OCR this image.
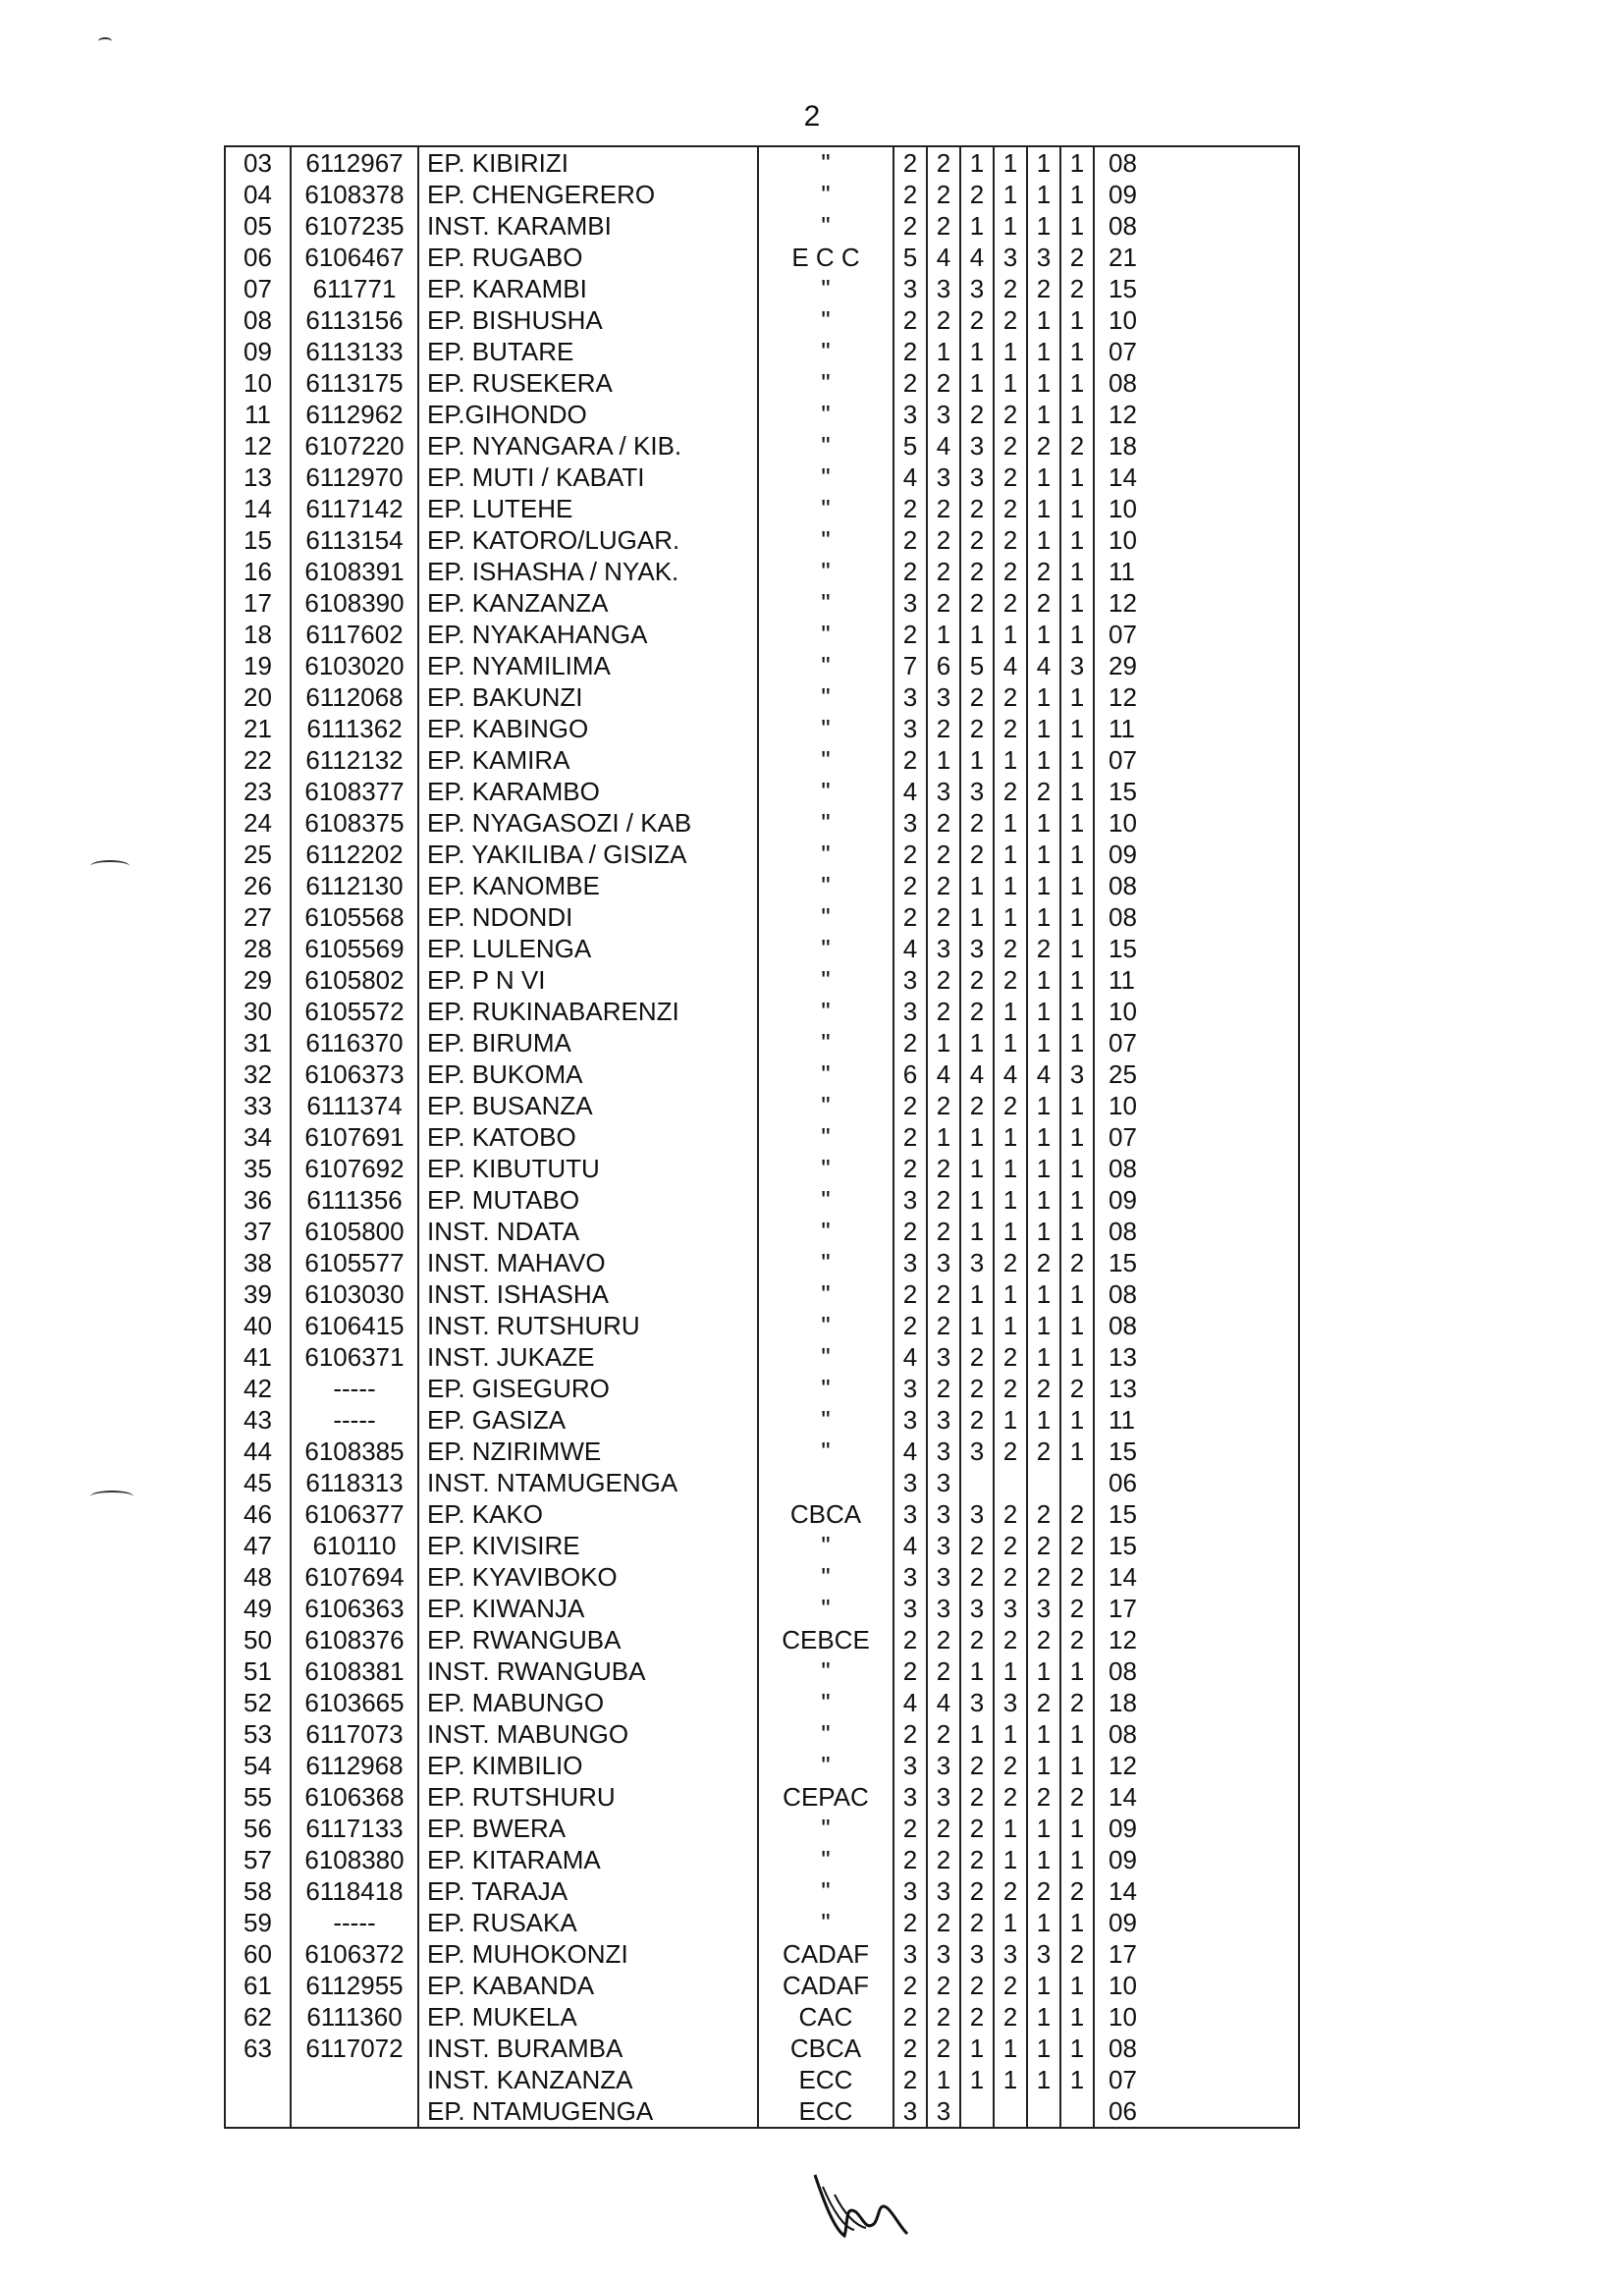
2
03	6112967	EP. KIBIRIZI	"	2	2	1	1	1	1	08
04	6108378	EP. CHENGERERO	"	2	2	2	1	1	1	09
05	6107235	INST. KARAMBI	"	2	2	1	1	1	1	08
06	6106467	EP. RUGABO	E C C	5	4	4	3	3	2	21
07	611771	EP. KARAMBI	"	3	3	3	2	2	2	15
08	6113156	EP. BISHUSHA	"	2	2	2	2	1	1	10
09	6113133	EP. BUTARE	"	2	1	1	1	1	1	07
10	6113175	EP. RUSEKERA	"	2	2	1	1	1	1	08
11	6112962	EP.GIHONDO	"	3	3	2	2	1	1	12
12	6107220	EP. NYANGARA / KIB.	"	5	4	3	2	2	2	18
13	6112970	EP. MUTI / KABATI	"	4	3	3	2	1	1	14
14	6117142	EP. LUTEHE	"	2	2	2	2	1	1	10
15	6113154	EP. KATORO/LUGAR.	"	2	2	2	2	1	1	10
16	6108391	EP. ISHASHA / NYAK.	"	2	2	2	2	2	1	11
17	6108390	EP. KANZANZA	"	3	2	2	2	2	1	12
18	6117602	EP. NYAKAHANGA	"	2	1	1	1	1	1	07
19	6103020	EP. NYAMILIMA	"	7	6	5	4	4	3	29
20	6112068	EP. BAKUNZI	"	3	3	2	2	1	1	12
21	6111362	EP. KABINGO	"	3	2	2	2	1	1	11
22	6112132	EP. KAMIRA	"	2	1	1	1	1	1	07
23	6108377	EP. KARAMBO	"	4	3	3	2	2	1	15
24	6108375	EP. NYAGASOZI / KAB	"	3	2	2	1	1	1	10
25	6112202	EP. YAKILIBA / GISIZA	"	2	2	2	1	1	1	09
26	6112130	EP. KANOMBE	"	2	2	1	1	1	1	08
27	6105568	EP. NDONDI	"	2	2	1	1	1	1	08
28	6105569	EP. LULENGA	"	4	3	3	2	2	1	15
29	6105802	EP. P N VI	"	3	2	2	2	1	1	11
30	6105572	EP. RUKINABARENZI	"	3	2	2	1	1	1	10
31	6116370	EP. BIRUMA	"	2	1	1	1	1	1	07
32	6106373	EP. BUKOMA	"	6	4	4	4	4	3	25
33	6111374	EP. BUSANZA	"	2	2	2	2	1	1	10
34	6107691	EP. KATOBO	"	2	1	1	1	1	1	07
35	6107692	EP. KIBUTUTU	"	2	2	1	1	1	1	08
36	6111356	EP. MUTABO	"	3	2	1	1	1	1	09
37	6105800	INST. NDATA	"	2	2	1	1	1	1	08
38	6105577	INST. MAHAVO	"	3	3	3	2	2	2	15
39	6103030	INST. ISHASHA	"	2	2	1	1	1	1	08
40	6106415	INST. RUTSHURU	"	2	2	1	1	1	1	08
41	6106371	INST. JUKAZE	"	4	3	2	2	1	1	13
42	-----	EP. GISEGURO	"	3	2	2	2	2	2	13
43	-----	EP. GASIZA	"	3	3	2	1	1	1	11
44	6108385	EP. NZIRIMWE	"	4	3	3	2	2	1	15
45	6118313	INST. NTAMUGENGA		3	3					06
46	6106377	EP. KAKO	CBCA	3	3	3	2	2	2	15
47	610110	EP. KIVISIRE	"	4	3	2	2	2	2	15
48	6107694	EP. KYAVIBOKO	"	3	3	2	2	2	2	14
49	6106363	EP. KIWANJA	"	3	3	3	3	3	2	17
50	6108376	EP. RWANGUBA	CEBCE	2	2	2	2	2	2	12
51	6108381	INST. RWANGUBA	"	2	2	1	1	1	1	08
52	6103665	EP. MABUNGO	"	4	4	3	3	2	2	18
53	6117073	INST. MABUNGO	"	2	2	1	1	1	1	08
54	6112968	EP. KIMBILIO	"	3	3	2	2	1	1	12
55	6106368	EP. RUTSHURU	CEPAC	3	3	2	2	2	2	14
56	6117133	EP. BWERA	"	2	2	2	1	1	1	09
57	6108380	EP. KITARAMA	"	2	2	2	1	1	1	09
58	6118418	EP. TARAJA	"	3	3	2	2	2	2	14
59	-----	EP. RUSAKA	"	2	2	2	1	1	1	09
60	6106372	EP. MUHOKONZI	CADAF	3	3	3	3	3	2	17
61	6112955	EP. KABANDA	CADAF	2	2	2	2	1	1	10
62	6111360	EP. MUKELA	CAC	2	2	2	2	1	1	10
63	6117072	INST. BURAMBA	CBCA	2	2	1	1	1	1	08
		INST. KANZANZA	ECC	2	1	1	1	1	1	07
		EP. NTAMUGENGA	ECC	3	3					06
